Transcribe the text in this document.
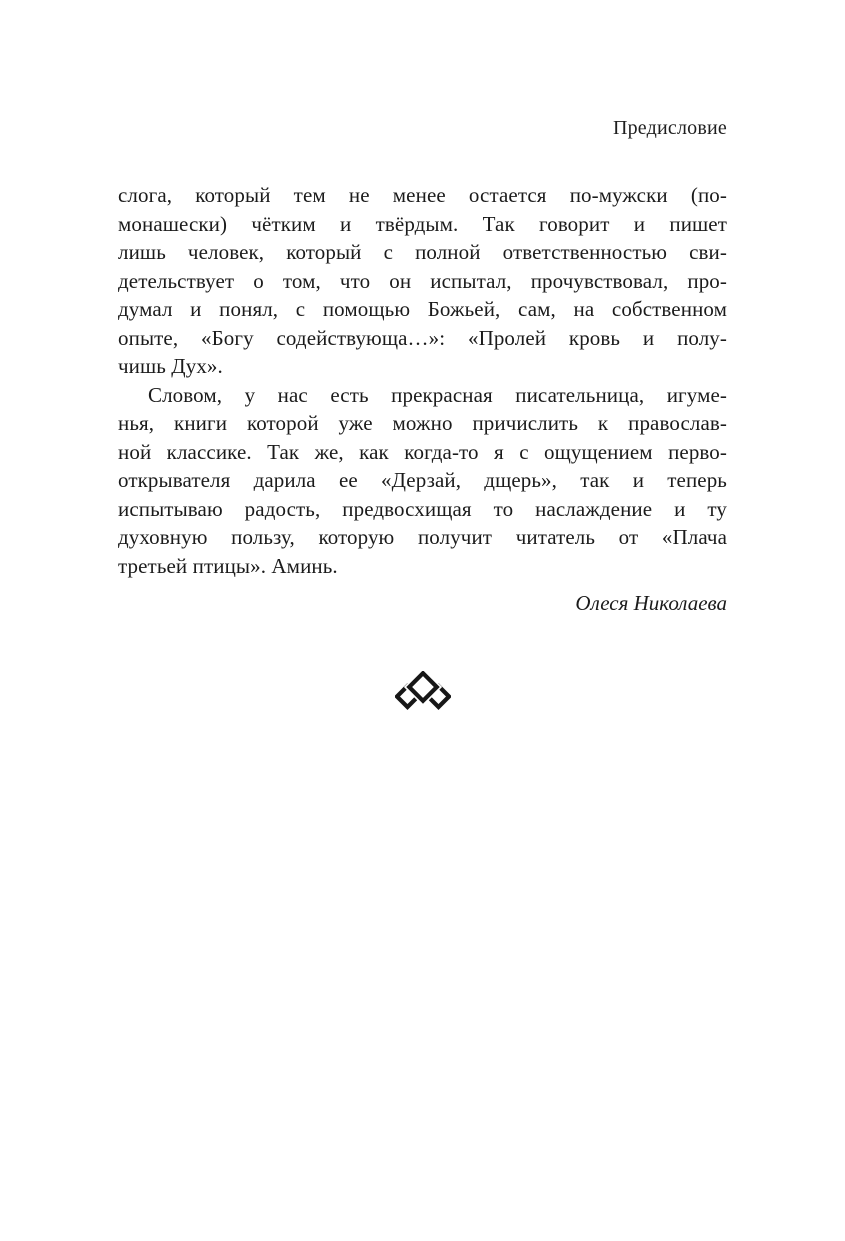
Предисловие
слога, который тем не менее остается по-мужски (по-
монашески) чётким и твёрдым. Так говорит и пишет
лишь человек, который с полной ответственностью сви-
детельствует о том, что он испытал, прочувствовал, про-
думал и понял, с помощью Божьей, сам, на собственном
опыте, «Богу содействующа…»: «Пролей кровь и полу-
чишь Дух».
Словом, у нас есть прекрасная писательница, игуме-
нья, книги которой уже можно причислить к православ-
ной классике. Так же, как когда-то я с ощущением перво-
открывателя дарила ее «Дерзай, дщерь», так и теперь
испытываю радость, предвосхищая то наслаждение и ту
духовную пользу, которую получит читатель от «Плача
третьей птицы». Аминь.
Олеся Николаева
